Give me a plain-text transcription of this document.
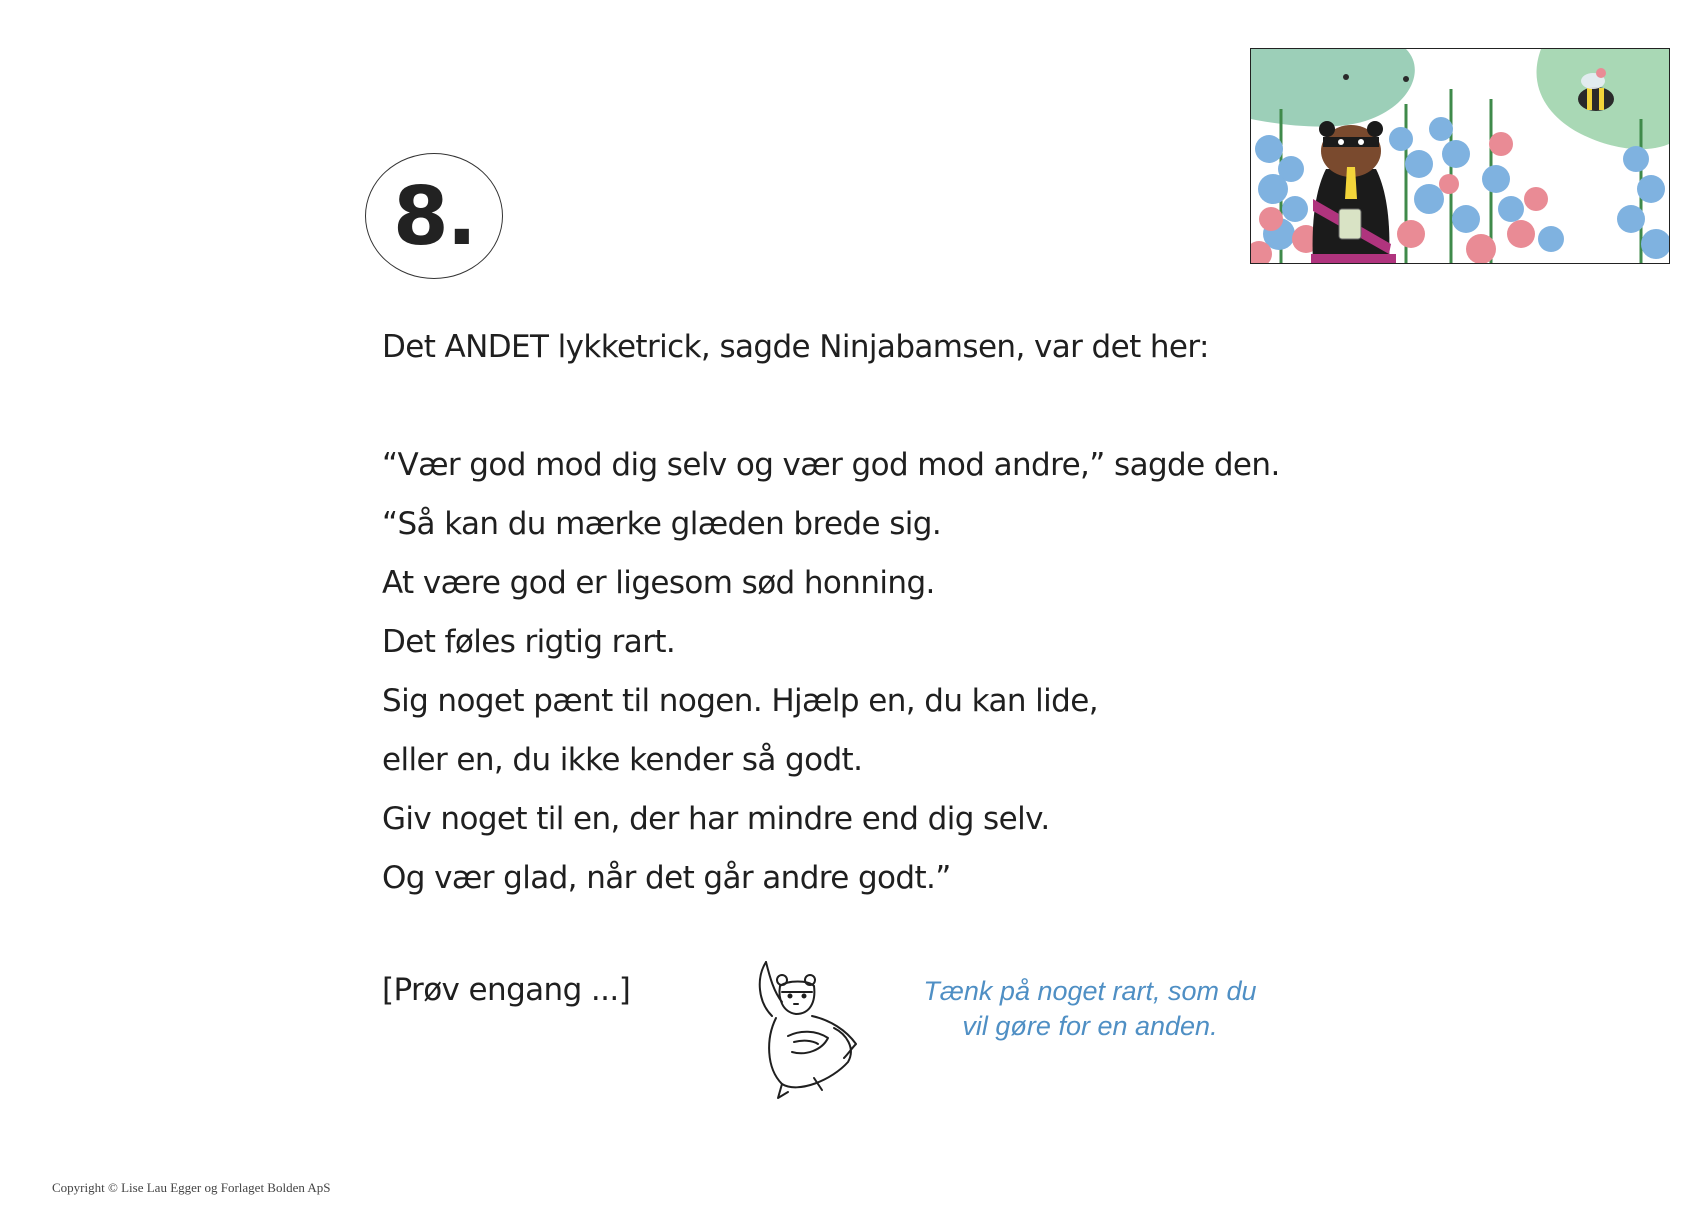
8.
Det ANDET lykketrick, sagde Ninjabamsen, var det her:
“Vær god mod dig selv og vær god mod andre,” sagde den.
“Så kan du mærke glæden brede sig.
At være god er ligesom sød honning.
Det føles rigtig rart.
Sig noget pænt til nogen. Hjælp en, du kan lide,
eller en, du ikke kender så godt.
Giv noget til en, der har mindre end dig selv.
Og vær glad, når det går andre godt.”
[Prøv engang ...]	Tænk på noget rart, som du
vil gøre for en anden.
Copyright © Lise Lau Egger og Forlaget Bolden ApS
